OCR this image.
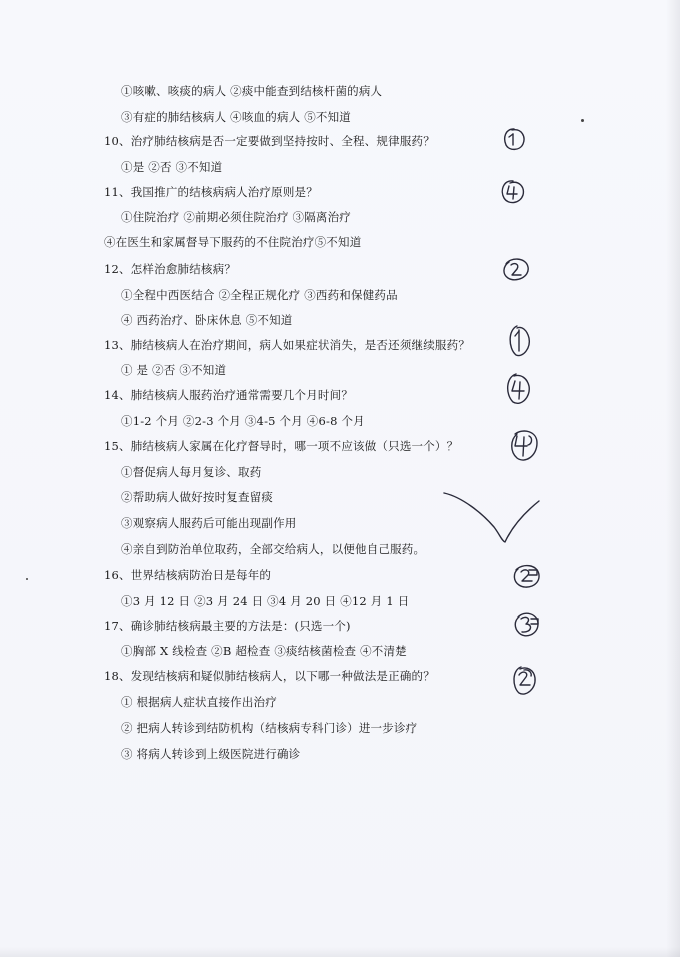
①咳嗽、咳痰的病人 ②痰中能查到结核杆菌的病人
③有症的肺结核病人 ④咳血的病人 ⑤不知道
10、治疗肺结核病是否一定要做到坚持按时、全程、规律服药？
①是 ②否 ③不知道
11、我国推广的结核病病人治疗原则是？
①住院治疗 ②前期必须住院治疗 ③隔离治疗
④在医生和家属督导下服药的不住院治疗⑤不知道
12、怎样治愈肺结核病？
①全程中西医结合 ②全程正规化疗 ③西药和保健药品
④ 西药治疗、卧床休息 ⑤不知道
13、肺结核病人在治疗期间，病人如果症状消失，是否还须继续服药？
① 是 ②否 ③不知道
14、肺结核病人服药治疗通常需要几个月时间？
①1-2 个月 ②2-3 个月 ③4-5 个月 ④6-8 个月
15、肺结核病人家属在化疗督导时，哪一项不应该做（只选一个）？
①督促病人每月复诊、取药
②帮助病人做好按时复查留痰
③观察病人服药后可能出现副作用
④亲自到防治单位取药，全部交给病人，以便他自己服药。
16、世界结核病防治日是每年的
①3 月 12 日 ②3 月 24 日 ③4 月 20 日 ④12 月 1 日
17、确诊肺结核病最主要的方法是：(只选一个)
①胸部 X 线检查 ②B 超检查 ③痰结核菌检查 ④不清楚
18、发现结核病和疑似肺结核病人，以下哪一种做法是正确的？
① 根据病人症状直接作出治疗
② 把病人转诊到结防机构（结核病专科门诊）进一步诊疗
③ 将病人转诊到上级医院进行确诊
